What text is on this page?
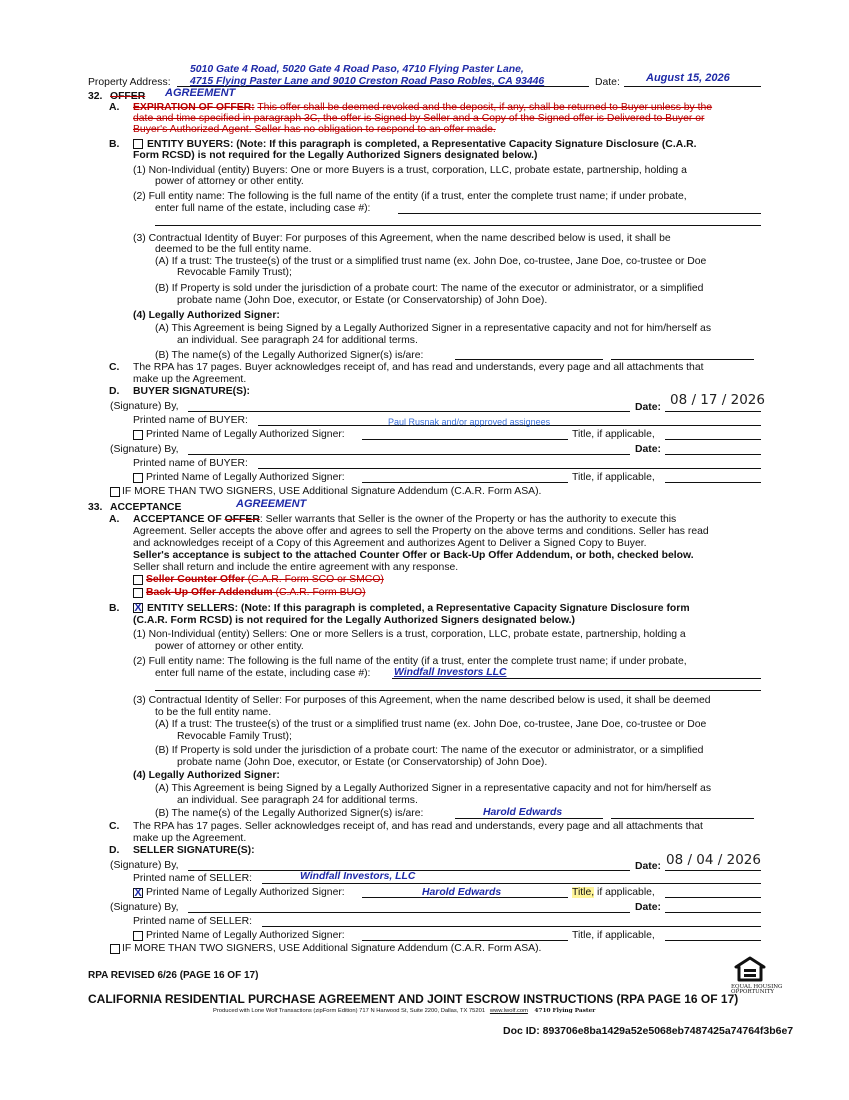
5010 Gate 4 Road, 5020 Gate 4 Road Paso, 4710 Flying Paster Lane,
Property Address: 4715 Flying Paster Lane and 9010 Creston Road Paso Robles, CA 93446	Date: August 15, 2026
32. OFFER AGREEMENT
A. EXPIRATION OF OFFER: This offer shall be deemed revoked and the deposit, if any, shall be returned to Buyer unless by the
date and time specified in paragraph 3C, the offer is Signed by Seller and a Copy of the Signed offer is Delivered to Buyer or
Buyer's Authorized Agent. Seller has no obligation to respond to an offer made.
B.	ENTITY BUYERS: (Note: If this paragraph is completed, a Representative Capacity Signature Disclosure (C.A.R.
Form RCSD) is not required for the Legally Authorized Signers designated below.)
(1) Non-Individual (entity) Buyers: One or more Buyers is a trust, corporation, LLC, probate estate, partnership, holding a
power of attorney or other entity.
(2) Full entity name: The following is the full name of the entity (if a trust, enter the complete trust name; if under probate,
enter full name of the estate, including case #):
(3) Contractual Identity of Buyer: For purposes of this Agreement, when the name described below is used, it shall be
deemed to be the full entity name.
(A) If a trust: The trustee(s) of the trust or a simplified trust name (ex. John Doe, co-trustee, Jane Doe, co-trustee or Doe
Revocable Family Trust);
(B) If Property is sold under the jurisdiction of a probate court: The name of the executor or administrator, or a simplified
probate name (John Doe, executor, or Estate (or Conservatorship) of John Doe).
(4) Legally Authorized Signer:
(A) This Agreement is being Signed by a Legally Authorized Signer in a representative capacity and not for him/herself as
an individual. See paragraph 24 for additional terms.
(B) The name(s) of the Legally Authorized Signer(s) is/are:
C. The RPA has 17 pages. Buyer acknowledges receipt of, and has read and understands, every page and all attachments that
make up the Agreement.
D. BUYER SIGNATURE(S):
(Signature) By,	Date: 08 / 17 / 2026
Printed name of BUYER:	Paul Rusnak and/or approved assignees
Printed Name of Legally Authorized Signer:	Title, if applicable,
(Signature) By,	Date:
Printed name of BUYER:
Printed Name of Legally Authorized Signer:	Title, if applicable,
IF MORE THAN TWO SIGNERS, USE Additional Signature Addendum (C.A.R. Form ASA).
33. ACCEPTANCE	AGREEMENT
A. ACCEPTANCE OF OFFER: Seller warrants that Seller is the owner of the Property or has the authority to execute this
Agreement. Seller accepts the above offer and agrees to sell the Property on the above terms and conditions. Seller has read
and acknowledges receipt of a Copy of this Agreement and authorizes Agent to Deliver a Signed Copy to Buyer.
Seller's acceptance is subject to the attached Counter Offer or Back-Up Offer Addendum, or both, checked below.
Seller shall return and include the entire agreement with any response.
Seller Counter Offer (C.A.R. Form SCO or SMCO)
Back-Up Offer Addendum (C.A.R. Form BUO)
B. X ENTITY SELLERS: (Note: If this paragraph is completed, a Representative Capacity Signature Disclosure form
(C.A.R. Form RCSD) is not required for the Legally Authorized Signers designated below.)
(1) Non-Individual (entity) Sellers: One or more Sellers is a trust, corporation, LLC, probate estate, partnership, holding a
power of attorney or other entity.
(2) Full entity name: The following is the full name of the entity (if a trust, enter the complete trust name; if under probate,
enter full name of the estate, including case #): Windfall Investors LLC
(3) Contractual Identity of Seller: For purposes of this Agreement, when the name described below is used, it shall be deemed
to be the full entity name.
(A) If a trust: The trustee(s) of the trust or a simplified trust name (ex. John Doe, co-trustee, Jane Doe, co-trustee or Doe
Revocable Family Trust);
(B) If Property is sold under the jurisdiction of a probate court: The name of the executor or administrator, or a simplified
probate name (John Doe, executor, or Estate (or Conservatorship) of John Doe).
(4) Legally Authorized Signer:
(A) This Agreement is being Signed by a Legally Authorized Signer in a representative capacity and not for him/herself as
an individual. See paragraph 24 for additional terms.
(B) The name(s) of the Legally Authorized Signer(s) is/are:	Harold Edwards
C. The RPA has 17 pages. Seller acknowledges receipt of, and has read and understands, every page and all attachments that
make up the Agreement.
D. SELLER SIGNATURE(S):
(Signature) By,	Date: 08 / 04 / 2026
Printed name of SELLER:	Windfall Investors, LLC
X Printed Name of Legally Authorized Signer:	Harold Edwards	Title, if applicable,
(Signature) By,	Date:
Printed name of SELLER:
Printed Name of Legally Authorized Signer:	Title, if applicable,
IF MORE THAN TWO SIGNERS, USE Additional Signature Addendum (C.A.R. Form ASA).
RPA REVISED 6/26 (PAGE 16 OF 17)
EQUAL HOUSING
OPPORTUNITY
CALIFORNIA RESIDENTIAL PURCHASE AGREEMENT AND JOINT ESCROW INSTRUCTIONS (RPA PAGE 16 OF 17)
Produced with Lone Wolf Transactions (zipForm Edition) 717 N Harwood St, Suite 2200, Dallas, TX 75201 www.lwolf.com 4710 Flying Paster
Doc ID: 893706e8ba1429a52e5068eb7487425a74764f3b6e7
